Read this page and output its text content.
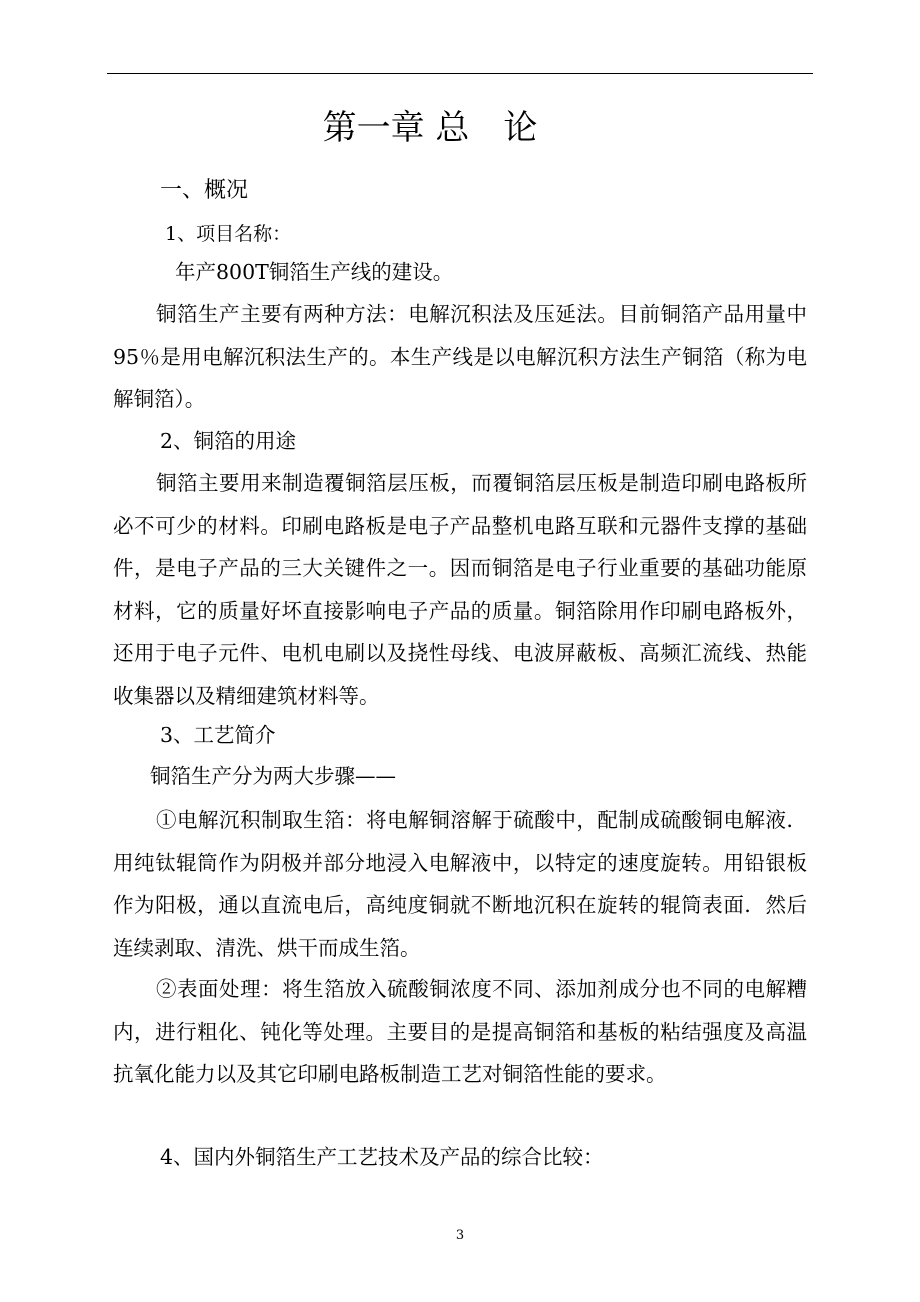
第一章 总　论
一、概况
1、项目名称：
年产800T铜箔生产线的建设。

铜箔生产主要有两种方法：电解沉积法及压延法。目前铜箔产品用量中95％是用电解沉积法生产的。本生产线是以电解沉积方法生产铜箔（称为电解铜箔）。

2、铜箔的用途

铜箔主要用来制造覆铜箔层压板，而覆铜箔层压板是制造印刷电路板所必不可少的材料。印刷电路板是电子产品整机电路互联和元器件支撑的基础件，是电子产品的三大关键件之一。因而铜箔是电子行业重要的基础功能原材料，它的质量好坏直接影响电子产品的质量。铜箔除用作印刷电路板外，还用于电子元件、电机电刷以及挠性母线、电波屏蔽板、高频汇流线、热能收集器以及精细建筑材料等。

3、工艺简介
铜箔生产分为两大步骤——

①电解沉积制取生箔：将电解铜溶解于硫酸中，配制成硫酸铜电解液．用纯钛辊筒作为阴极并部分地浸入电解液中，以特定的速度旋转。用铅银板作为阳极，通以直流电后，高纯度铜就不断地沉积在旋转的辊筒表面．然后连续剥取、清洗、烘干而成生箔。

②表面处理：将生箔放入硫酸铜浓度不同、添加剂成分也不同的电解糟内，进行粗化、钝化等处理。主要目的是提高铜箔和基板的粘结强度及高温抗氧化能力以及其它印刷电路板制造工艺对铜箔性能的要求。

4、国内外铜箔生产工艺技术及产品的综合比较：
3
